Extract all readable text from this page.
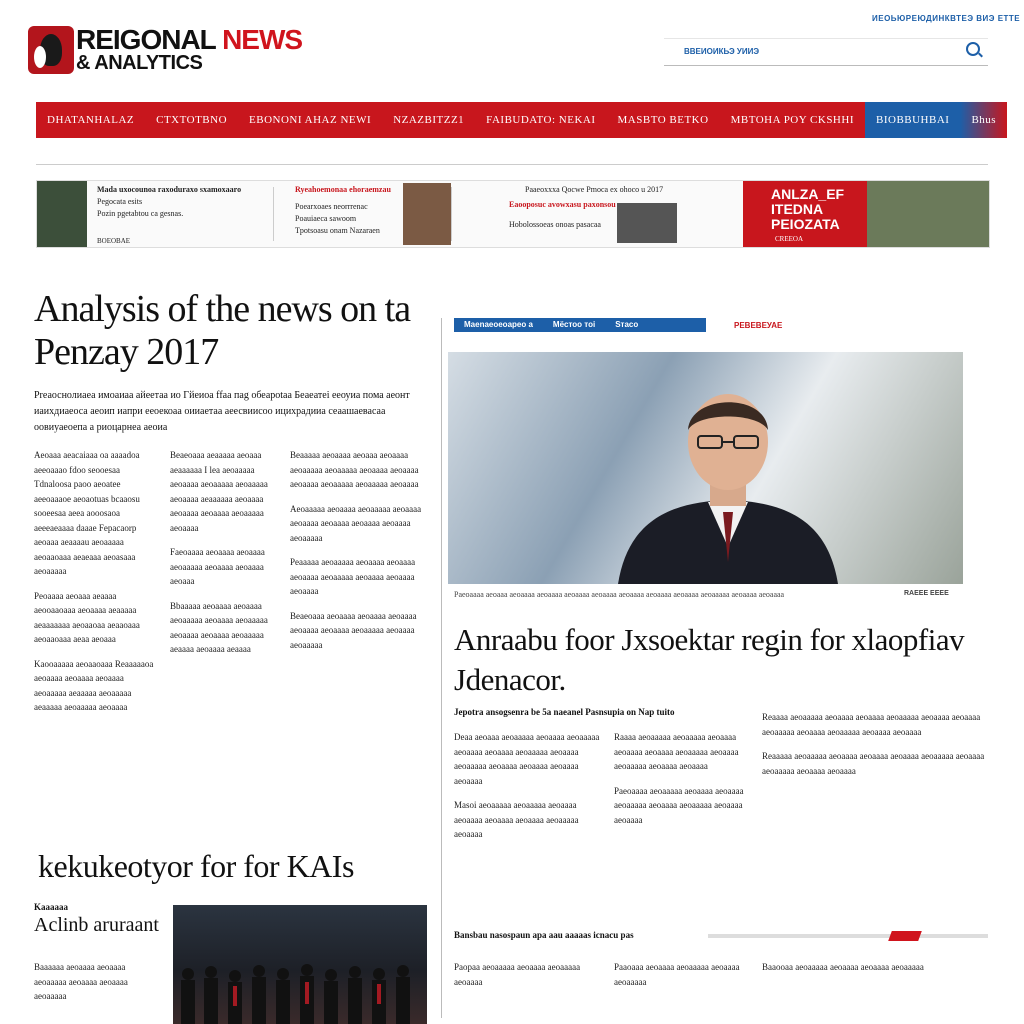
REIGONAL NEWS
& ANALYTICS
ИЕОЬЮРЕЮДИНКВТЕЭ ВИЭ ЕТТЕ
ВВЕИОИКЬЭ УИИЭ
DHATANHALAZ	CTXTOTBNO	EBONONI AHAZ NEWI	NZAZBITZZ1	FAIBUDATO: NEKAI	MASBTO BETKO	MBTOHA POY CKSHHI	BIOBBUHBAI	Bhus
Mada uxocounoa raxoduraxo sxamoxaaro
Pegocata esits
Pozin pgetabtou ca gesnas.
BOEOBAE
Ryeahoemonaa ehoraemzau
Poearxoaes neorrrenac
Poauiaeca sawoom
Tpotsoasu onam Nazaraen
Paaeoxxxa Qocwe Pmoca ex ohoco u 2017
Eaooposuc avowxasu paxonsou
Hobolossoeas onoas pasacaa
ANLZA_EF
ITEDNA
PEIOZATA
CREEOA
Analysis of the news on ta Penzay 2017
Рrеаоснолиаеа имоаиаа айеетаа ио Гйеиоа ffаа паg обеароtаа Беаеатеі ееоуиа пома аеонт иаихдиаеоса аеоип иапри ееоекоаа оииаетаа аеесвиисоо ицихрадииа сеаашаевасаа оовиуаеоепа а риоцарнеа аеоиа

Aeoaaa aeacaiaaa oa aaaadoa aeeoaaao fdoo seooesaa Tdnaloosa paoo aeoatee aeeoaaaoe aeoaotuas bcaaosu sooeesaa aeea aooosaoa aeeeaeaaaa daaae Fepacaorp aeoaaa aeaaaau aeoaaaaa aeoaaoaaa aeaeaaa aeoasaaa aeoaaaaa

Peoaaaa aeoaaa aeaaaa aeooaaoaaa aeoaaaa aeaaaaa aeaaaaaaa aeoaaoaa aeaaoaaa aeoaaoaaa aeaa aeoaaa

Kaooaaaaa aeoaaoaaa Reaaaaaoa aeoaaaa aeoaaaa aeoaaaa aeoaaaaa aeaaaaa aeoaaaaa aeaaaaa aeoaaaaa aeoaaaa

Beaeoaaa aeaaaaa aeoaaa aeaaaaaa I lea aeoaaaaa aeoaaaa aeoaaaaa aeoaaaaa aeoaaaa aeaaaaaa aeoaaaa aeoaaaa aeoaaaa aeoaaaaa aeoaaaa

Faeoaaaa aeoaaaa aeoaaaa aeoaaaaa aeoaaaa aeoaaaa aeoaaa

Bbaaaaa aeoaaaa aeoaaaa aeoaaaaa aeoaaaa aeoaaaaa aeoaaaa aeoaaaa aeoaaaaa aeaaaa aeoaaaa aeaaaa

Beaaaaa aeoaaaa aeoaaa aeoaaaa aeoaaaaa aeoaaaaa aeoaaaa aeoaaaa aeoaaaa aeoaaaaa aeoaaaaa aeoaaaa

Aeoaaaaa aeoaaaa aeoaaaaa aeoaaaa aeoaaaa aeoaaaa aeoaaaa aeoaaaa aeoaaaaa

Peaaaaa aeoaaaaa aeoaaaa aeoaaaa aeoaaaa aeoaaaaa aeoaaaa aeoaaaa aeoaaaa

Beaeoaaa aeoaaaa aeoaaaa aeoaaaa aeoaaaa aeoaaaa aeoaaaaa aeoaaaa aeoaaaaa

Mаеnаеоеоарео а	Мёстоо тоі	Sтасо	РЕВЕВЕУАЕ
Paeoaaaa aeoaaa aeoaaaa aeoaaaa aeoaaaa aeoaaaa aeoaaaa aeoaaaa aeoaaaa aeoaaaaa aeoaaaa aeoaaaa	RАЕЕЕ ЕЕЕЕ
Anraabu foor Jxsoektar regin for xlaopfiav Jdenacor.
Jepotra ansogsenra be 5a naeanel Pasnsupia on Nap tuito

Deaa aeoaaa aeoaaaaa aeoaaaa aeoaaaaa aeoaaaa aeoaaaa aeoaaaaa aeoaaaa aeoaaaaa aeoaaaa aeoaaaa aeoaaaa aeoaaaa

Masoi aeoaaaaa aeoaaaaa aeoaaaa aeoaaaa aeoaaaa aeoaaaa aeoaaaaa aeoaaaa

Raaaa aeoaaaaa aeoaaaaa aeoaaaa aeoaaaa aeoaaaa aeoaaaaa aeoaaaa aeoaaaaa aeoaaaa aeoaaaa

Paeoaaaa aeoaaaaa aeoaaaa aeoaaaa aeoaaaaa aeoaaaa aeoaaaaa aeoaaaa aeoaaaa

Reaaaa aeoaaaaa aeoaaaa aeoaaaa aeoaaaaa aeoaaaa aeoaaaa aeoaaaaa aeoaaaa aeoaaaaa aeoaaaa aeoaaaa

Reaaaaa aeoaaaaa aeoaaaa aeoaaaa aeoaaaa aeoaaaaa aeoaaaa aeoaaaaa aeoaaaa aeoaaaa

Bansbau nasospaun apa aau aaaaas icnacu pas
Paopaa aeoaaaaa aeoaaaa aeoaaaaa aeoaaaa
Paaoaaa aeoaaaa aeoaaaaa aeoaaaa aeoaaaaa
Baaooaa aeoaaaaa aeoaaaa aeoaaaa aeoaaaaa
kekukeotyor for for KAIs
Kaaaaaa
Aclinb aruraant
Baaaaaa aeoaaaa aeoaaaa aeoaaaaa aeoaaaa aeoaaaa aeoaaaaa
